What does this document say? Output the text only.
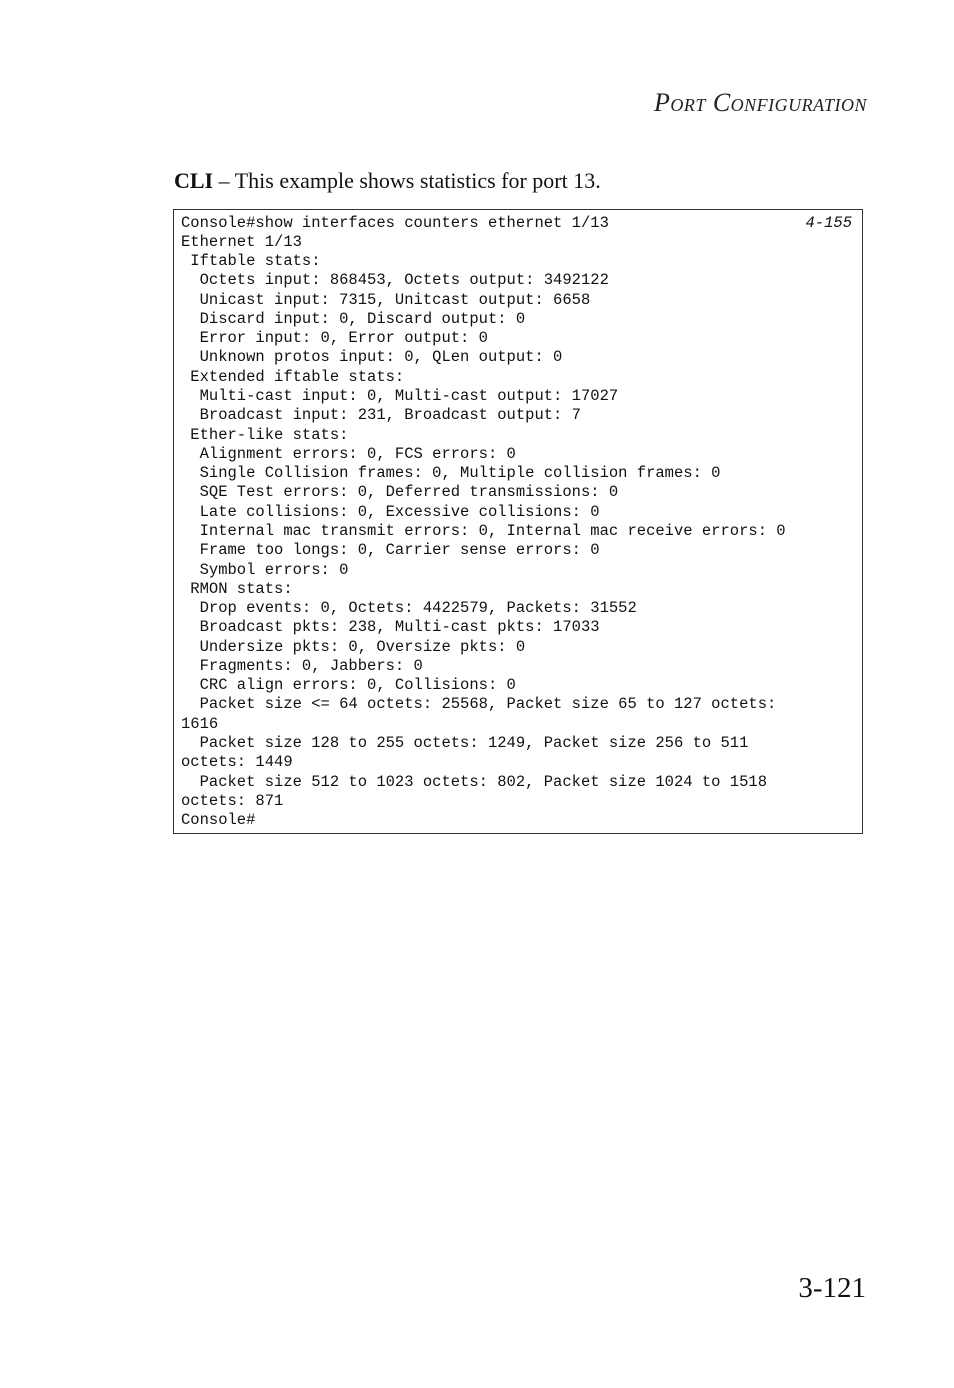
Port Configuration
CLI – This example shows statistics for port 13.
4-155
Console#show interfaces counters ethernet 1/13
Ethernet 1/13
Iftable stats:
Octets input: 868453, Octets output: 3492122
Unicast input: 7315, Unitcast output: 6658
Discard input: 0, Discard output: 0
Error input: 0, Error output: 0
Unknown protos input: 0, QLen output: 0
Extended iftable stats:
Multi-cast input: 0, Multi-cast output: 17027
Broadcast input: 231, Broadcast output: 7
Ether-like stats:
Alignment errors: 0, FCS errors: 0
Single Collision frames: 0, Multiple collision frames: 0
SQE Test errors: 0, Deferred transmissions: 0
Late collisions: 0, Excessive collisions: 0
Internal mac transmit errors: 0, Internal mac receive errors: 0
Frame too longs: 0, Carrier sense errors: 0
Symbol errors: 0
RMON stats:
Drop events: 0, Octets: 4422579, Packets: 31552
Broadcast pkts: 238, Multi-cast pkts: 17033
Undersize pkts: 0, Oversize pkts: 0
Fragments: 0, Jabbers: 0
CRC align errors: 0, Collisions: 0
Packet size <= 64 octets: 25568, Packet size 65 to 127 octets:
1616
Packet size 128 to 255 octets: 1249, Packet size 256 to 511
octets: 1449
Packet size 512 to 1023 octets: 802, Packet size 1024 to 1518
octets: 871
Console#
3-121
